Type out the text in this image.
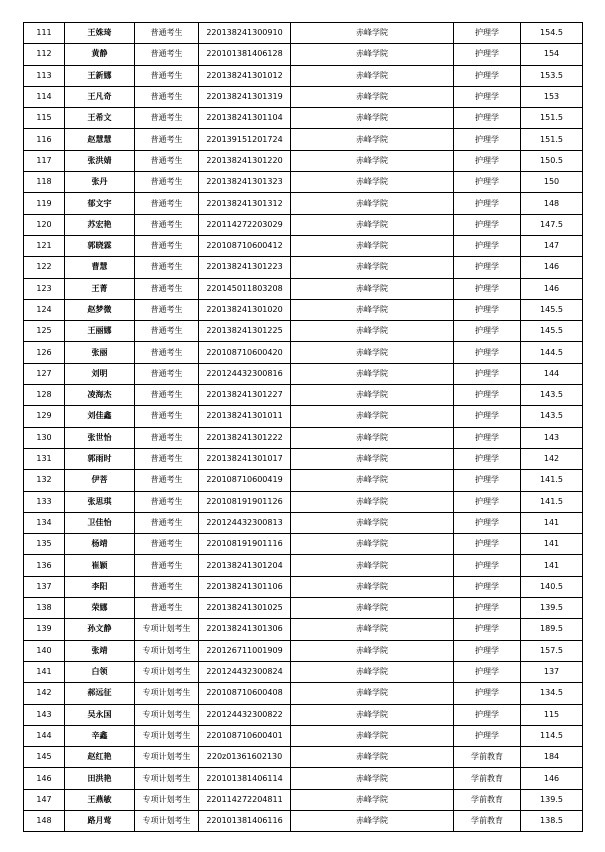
111	王姝琦	普通考生	220138241300910	赤峰学院	护理学	154.5
112	黄静	普通考生	220101381406128	赤峰学院	护理学	154
113	王新娜	普通考生	220138241301012	赤峰学院	护理学	153.5
114	王凡奇	普通考生	220138241301319	赤峰学院	护理学	153
115	王希文	普通考生	220138241301104	赤峰学院	护理学	151.5
116	赵慧慧	普通考生	220139151201724	赤峰学院	护理学	151.5
117	张洪婧	普通考生	220138241301220	赤峰学院	护理学	150.5
118	张丹	普通考生	220138241301323	赤峰学院	护理学	150
119	郁文宇	普通考生	220138241301312	赤峰学院	护理学	148
120	苏宏艳	普通考生	220114272203029	赤峰学院	护理学	147.5
121	郭晓霖	普通考生	220108710600412	赤峰学院	护理学	147
122	曹慧	普通考生	220138241301223	赤峰学院	护理学	146
123	王菁	普通考生	220145011803208	赤峰学院	护理学	146
124	赵梦微	普通考生	220138241301020	赤峰学院	护理学	145.5
125	王丽娜	普通考生	220138241301225	赤峰学院	护理学	145.5
126	张丽	普通考生	220108710600420	赤峰学院	护理学	144.5
127	刘明	普通考生	220124432300816	赤峰学院	护理学	144
128	凌海杰	普通考生	220138241301227	赤峰学院	护理学	143.5
129	刘佳鑫	普通考生	220138241301011	赤峰学院	护理学	143.5
130	张世怡	普通考生	220138241301222	赤峰学院	护理学	143
131	郭雨时	普通考生	220138241301017	赤峰学院	护理学	142
132	伊菩	普通考生	220108710600419	赤峰学院	护理学	141.5
133	张思琪	普通考生	220108191901126	赤峰学院	护理学	141.5
134	卫佳怡	普通考生	220124432300813	赤峰学院	护理学	141
135	杨靖	普通考生	220108191901116	赤峰学院	护理学	141
136	崔颖	普通考生	220138241301204	赤峰学院	护理学	141
137	李阳	普通考生	220138241301106	赤峰学院	护理学	140.5
138	荣娜	普通考生	220138241301025	赤峰学院	护理学	139.5
139	孙文静	专项计划考生	220138241301306	赤峰学院	护理学	189.5
140	张靖	专项计划考生	220126711001909	赤峰学院	护理学	157.5
141	白领	专项计划考生	220124432300824	赤峰学院	护理学	137
142	郝远征	专项计划考生	220108710600408	赤峰学院	护理学	134.5
143	吴永国	专项计划考生	220124432300822	赤峰学院	护理学	115
144	辛鑫	专项计划考生	220108710600401	赤峰学院	护理学	114.5
145	赵红艳	专项计划考生	220z01361602130	赤峰学院	学前教育	184
146	田洪艳	专项计划考生	220101381406114	赤峰学院	学前教育	146
147	王燕敏	专项计划考生	220114272204811	赤峰学院	学前教育	139.5
148	路月莺	专项计划考生	220101381406116	赤峰学院	学前教育	138.5
